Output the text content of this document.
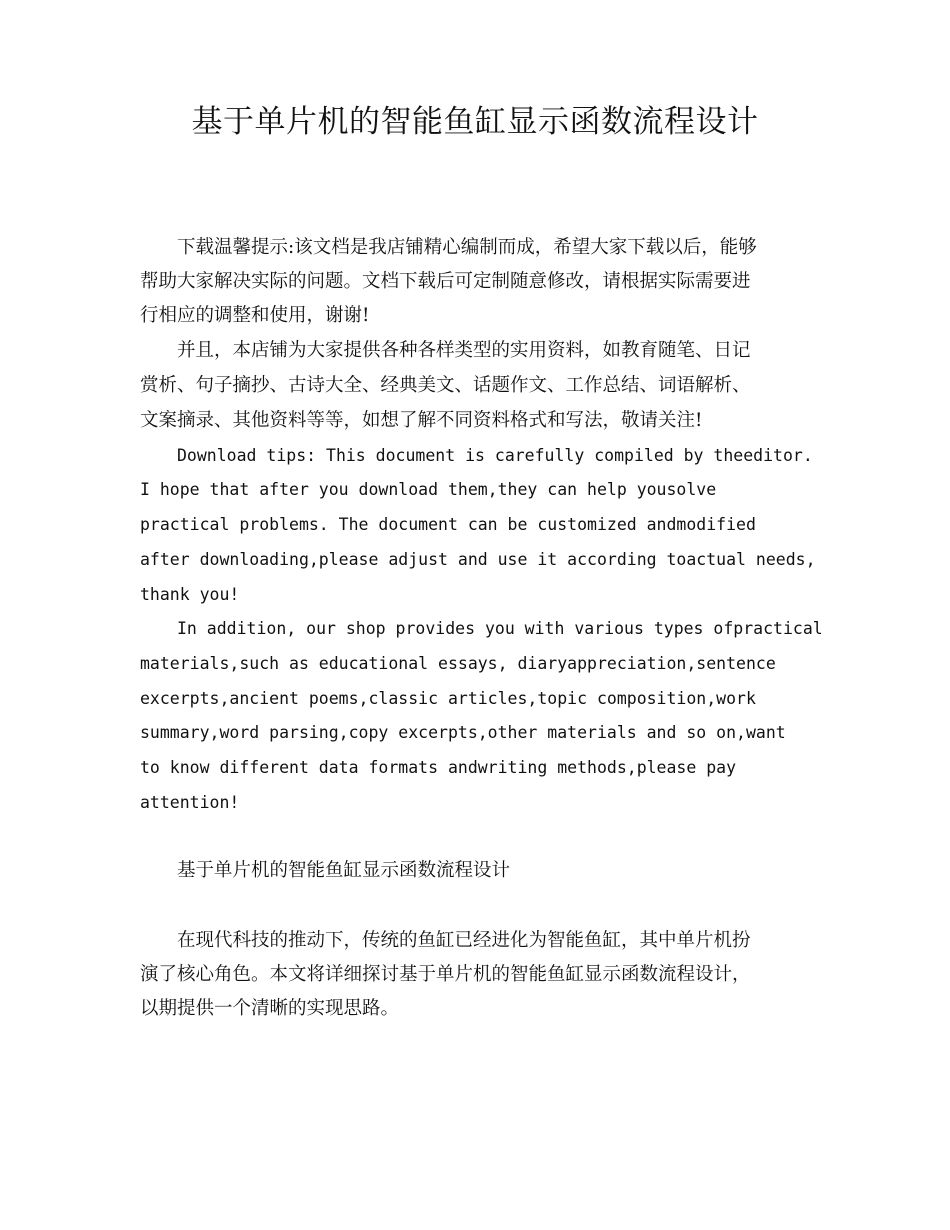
基于单片机的智能鱼缸显示函数流程设计
下载温馨提示:该文档是我店铺精心编制而成，希望大家下载以后，能够
帮助大家解决实际的问题。文档下载后可定制随意修改，请根据实际需要进
行相应的调整和使用，谢谢!
并且，本店铺为大家提供各种各样类型的实用资料，如教育随笔、日记
赏析、句子摘抄、古诗大全、经典美文、话题作文、工作总结、词语解析、
文案摘录、其他资料等等，如想了解不同资料格式和写法，敬请关注!
Download tips: This document is carefully compiled by theeditor.
I hope that after you download them,they can help yousolve
practical problems. The document can be customized andmodified
after downloading,please adjust and use it according toactual needs,
thank you!
In addition, our shop provides you with various types ofpractical
materials,such as educational essays, diaryappreciation,sentence
excerpts,ancient poems,classic articles,topic composition,work
summary,word parsing,copy excerpts,other materials and so on,want
to know different data formats andwriting methods,please pay
attention!
基于单片机的智能鱼缸显示函数流程设计
在现代科技的推动下，传统的鱼缸已经进化为智能鱼缸，其中单片机扮
演了核心角色。本文将详细探讨基于单片机的智能鱼缸显示函数流程设计，
以期提供一个清晰的实现思路。
